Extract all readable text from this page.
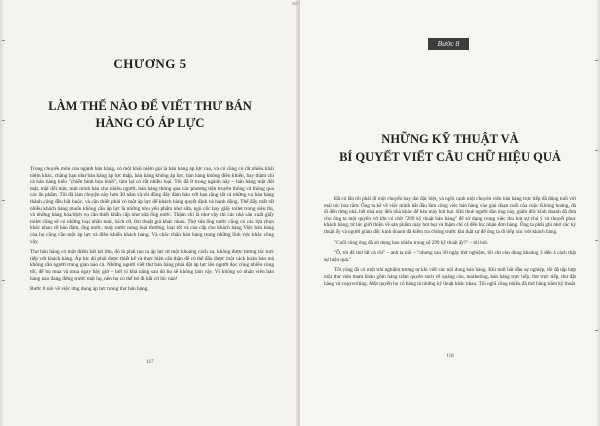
CHƯƠNG 5
LÀM THẾ NÀO ĐỂ VIẾT THƯ BÁN
HÀNG CÓ ÁP LỰC

Trong chuyến môn của ngành bán hàng, có một khái niệm gọi là bán hàng áp lực cao, và có cũng có rất nhiều khái niệm khác, chẳng hạn như bán hàng áp lực thấp, bán hàng không áp lực, bán hàng không điều khiển, hay thậm chí cả bán hàng kiểu "chiến binh bóa bình", tâm lại có rất nhiều loại. Tôi đã ở trong ngành này – bán hàng mặt đối mặt, mặt đối một, một mình bán cho nhiều người, bán hàng thông qua các phương tiện truyền thông và thông qua các ấn phẩm. Tôi đã làm chuyện này hơn 30 năm và tôi đồng đây đám bảo với bạn rằng tất cả những vụ bán hàng thành công đều bắt buộc, và cần thiết phải có một áp lực để khách hàng quyết định và hành động. Thế đấy mất rất nhiều khách hàng muốn không cần áp lực là những nhu yếu phẩm như sữa, ngũ cốc hay giấy toilet trong siêu thị, và những hàng hóa/dịch vụ cần thiết khẩn cấp như sửa ống nước. Thậm chí là như vậy thì các nhà sản xuất giấy toilet cũng sẽ có những loại nhãn mác, kích cỡ, thủ thuật giá khác nhau. Thợ sửa ống nước cũng có các lựa chọn khác nhau về bảo đảm, ống nước, máy nước nóng loại thường, loại tốt và cao cấp cho khách hàng Việc bán hàng của họ cũng cần một áp lực và điều khiển khách hàng. Và chắc chắn bán hàng trong những lĩnh vực khác cũng vậy.

Thư bán hàng có một điểm bất lợi lớn, đó là phải tạo ra áp lực từ một khoảng cách xa, không được tương tác trực tiếp với khách hàng. Áp lực đó phải được thiết kế và thực hiện cẩn thận để có thể đẩu được một cách hoàn hảo mà không cần người trung gian nào cả. Những người viết thư bán hàng phải đặt áp lực lên người đọc cũng nhiều cùng tốt, để họ mua và mua ngay bây giờ – bởi vì khả năng sau đó họ sẽ không làm vậy. Vì không có nhân viên bán hàng nào đang đứng trước mặt họ, nên họ có thể bỏ đi bất cứ lúc nào!

Bước 8 nói về việc ứng dụng áp lực trong thư bán hàng.

117
065
Bước 8
NHỮNG KỸ THUẬT VÀ
BÍ QUYẾT VIẾT CÂU CHỮ HIỆU QUẢ

Đã có lần tôi phải đi một chuyến bay dài đặc biệt, và ngồi cạnh một chuyên viên bán hàng trực tiếp đã đúng tuổi với mái tóc hoa râm. Ông ta kể về việc mình bắt đầu làm công việc bán hàng vào giai đoạn cuối của cuộc Khủng hoảng, đã đi đến từng nhà, hết nhà này đến nhà khác để bán máy hút bụi. Khi thuê người đàn ông này, giám đốc kinh doanh đã đưa cho ông ta một quyển vở lớn có chữ "299 kỹ thuật bán hàng" để sử dụng trong việc thu hút sự chú ý và thuyết phục khách hàng, từ lúc giới thiệu về sản phẩm máy hút bụi và thậm chí cả đến lúc nhận đơn hàng. Ông ta phải ghi nhớ các kỹ thuật ấy và người giám đốc kinh doanh đã kiểm tra chừng trước khi thật sự để ông ta đi tiếp xúc với khách hàng.

"Cuối cùng ông đã sử dụng bao nhiêu trong số 299 kỹ thuật ấy?" – tôi hỏi.

"Ồ, tôi đã thử tất cả rồi" – anh ta nói – "nhưng sau 30 ngày thử nghiệm, tôi chỉ còn dùng khoảng 3 đến 4 cách thật sự hiệu quả."

Tôi cũng đã có một trải nghiệm tương tự khi viết các nội dung bán hàng. Khi mới bắt đầu sự nghiệp, tôi đã tập hợp một thư viện tham khảo gồm hàng trăm quyển sách về quảng cáo, marketing, bán hàng trực tiếp, thư trực tiếp, thư đặt hàng và copywriting. Một quyển họ có hàng tá những kỹ thuật khác nhau. Tôi nghĩ cũng nhiều đã thử hàng trăm kỹ thuật

118
